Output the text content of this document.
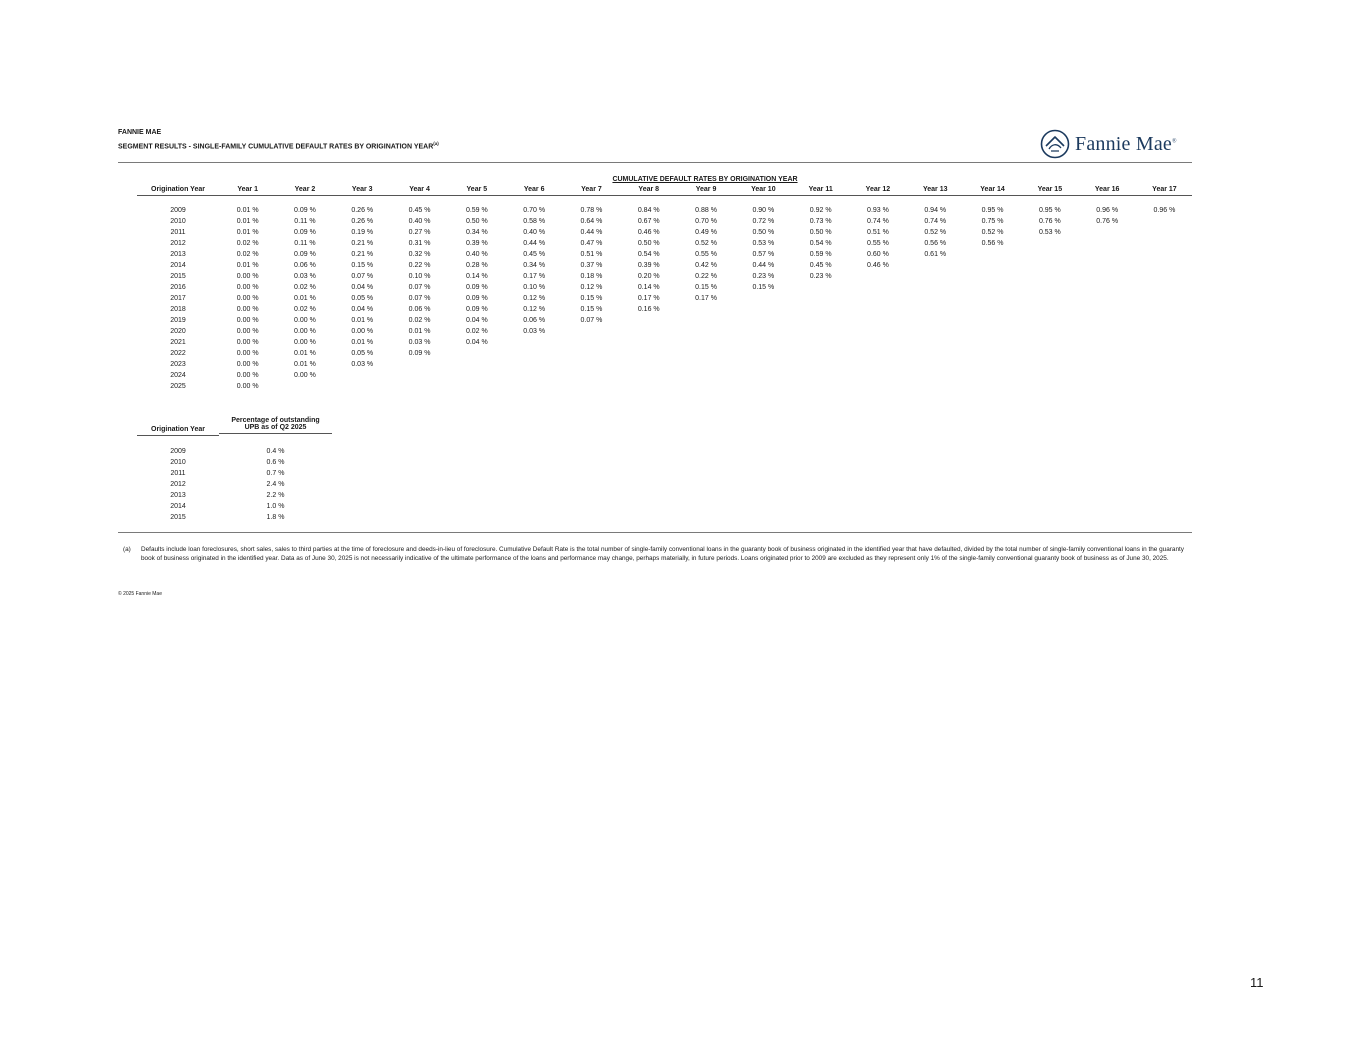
FANNIE MAE
SEGMENT RESULTS - SINGLE-FAMILY CUMULATIVE DEFAULT RATES BY ORIGINATION YEAR$^{(a)}$	Fannie Mae®
CUMULATIVE DEFAULT RATES BY ORIGINATION YEAR
Origination Year	Year 1	Year 2	Year 3	Year 4	Year 5	Year 6	Year 7	Year 8	Year 9	Year 10	Year 11	Year 12	Year 13	Year 14	Year 15	Year 16	Year 17
2009	0.01 %	0.09 %	0.26 %	0.45 %	0.59 %	0.70 %	0.78 %	0.84 %	0.88 %	0.90 %	0.92 %	0.93 %	0.94 %	0.95 %	0.95 %	0.96 %	0.96 %
2010	0.01 %	0.11 %	0.26 %	0.40 %	0.50 %	0.58 %	0.64 %	0.67 %	0.70 %	0.72 %	0.73 %	0.74 %	0.74 %	0.75 %	0.76 %	0.76 %
2011	0.01 %	0.09 %	0.19 %	0.27 %	0.34 %	0.40 %	0.44 %	0.46 %	0.49 %	0.50 %	0.50 %	0.51 %	0.52 %	0.52 %	0.53 %
2012	0.02 %	0.11 %	0.21 %	0.31 %	0.39 %	0.44 %	0.47 %	0.50 %	0.52 %	0.53 %	0.54 %	0.55 %	0.56 %	0.56 %
2013	0.02 %	0.09 %	0.21 %	0.32 %	0.40 %	0.45 %	0.51 %	0.54 %	0.55 %	0.57 %	0.59 %	0.60 %	0.61 %
2014	0.01 %	0.06 %	0.15 %	0.22 %	0.28 %	0.34 %	0.37 %	0.39 %	0.42 %	0.44 %	0.45 %	0.46 %
2015	0.00 %	0.03 %	0.07 %	0.10 %	0.14 %	0.17 %	0.18 %	0.20 %	0.22 %	0.23 %	0.23 %
2016	0.00 %	0.02 %	0.04 %	0.07 %	0.09 %	0.10 %	0.12 %	0.14 %	0.15 %	0.15 %
2017	0.00 %	0.01 %	0.05 %	0.07 %	0.09 %	0.12 %	0.15 %	0.17 %	0.17 %
2018	0.00 %	0.02 %	0.04 %	0.06 %	0.09 %	0.12 %	0.15 %	0.16 %
2019	0.00 %	0.00 %	0.01 %	0.02 %	0.04 %	0.06 %	0.07 %
2020	0.00 %	0.00 %	0.00 %	0.01 %	0.02 %	0.03 %
2021	0.00 %	0.00 %	0.01 %	0.03 %	0.04 %
2022	0.00 %	0.01 %	0.05 %	0.09 %
2023	0.00 %	0.01 %	0.03 %
2024	0.00 %	0.00 %
2025	0.00 %
Origination Year
Percentage of outstanding
UPB as of Q2 2025
2009	0.4 %
2010	0.6 %
2011	0.7 %
2012	2.4 %
2013	2.2 %
2014	1.0 %
2015	1.8 %
(a) Defaults include loan foreclosures, short sales, sales to third parties at the time of foreclosure and deeds-in-lieu of foreclosure. Cumulative Default Rate is the total number of single-family conventional loans in the guaranty book of business originated in the identified year that have defaulted, divided by the total number of single-family conventional loans in the guaranty book of business originated in the identified year. Data as of June 30, 2025 is not necessarily indicative of the ultimate performance of the loans and performance may change, perhaps materially, in future periods. Loans originated prior to 2009 are excluded as they represent only 1% of the single-family conventional guaranty book of business as of June 30, 2025.
© 2025 Fannie Mae
11
